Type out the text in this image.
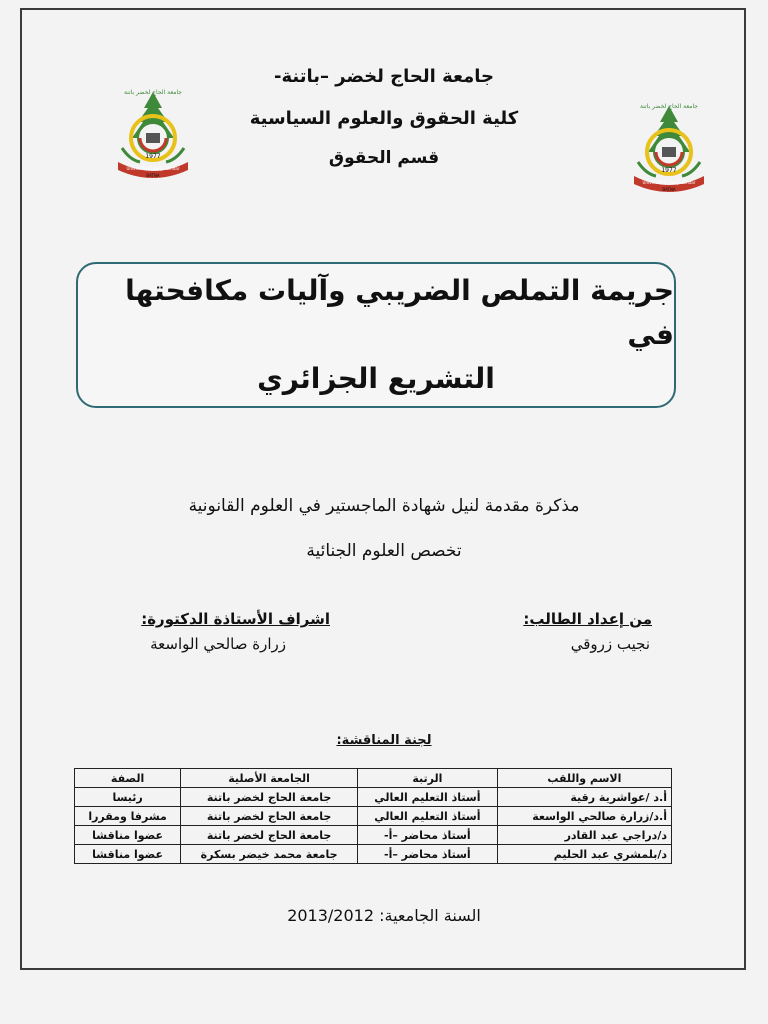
1977
Université El Hadj Lakhdar
BATNA
جامعة الحاج لخضر باتنة
1977
Université El Hadj Lakhdar
BATNA
جامعة الحاج لخضر باتنة
جامعة الحاج لخضر –باتنة-
كلية الحقوق والعلوم السياسية
قسم الحقوق
جريمة التملص الضريبي وآليات مكافحتها في
التشريع الجزائري
مذكرة مقدمة لنيل شهادة الماجستير في العلوم القانونية
تخصص العلوم الجنائية
من إعداد الطالب:
نجيب زروقي
اشراف الأستاذة الدكتورة:
زرارة صالحي الواسعة
لجنة المناقشة:
الاسم واللقب	الرتبة	الجامعة الأصلية	الصفة
أ.د /عواشرية رقية	أستاذ التعليم العالي	جامعة الحاج لخضر باتنة	رئيسا
أ.د/زرارة صالحي الواسعة	أستاذ التعليم العالي	جامعة الحاج لخضر باتنة	مشرفا ومقررا
د/دراجي عبد القادر	أستاذ محاضر –أ-	جامعة الحاج لخضر باتنة	عضوا مناقشا
د/بلمشري عبد الحليم	أستاذ محاضر –أ-	جامعة محمد خيضر بسكرة	عضوا مناقشا
السنة الجامعية: 2013/2012
